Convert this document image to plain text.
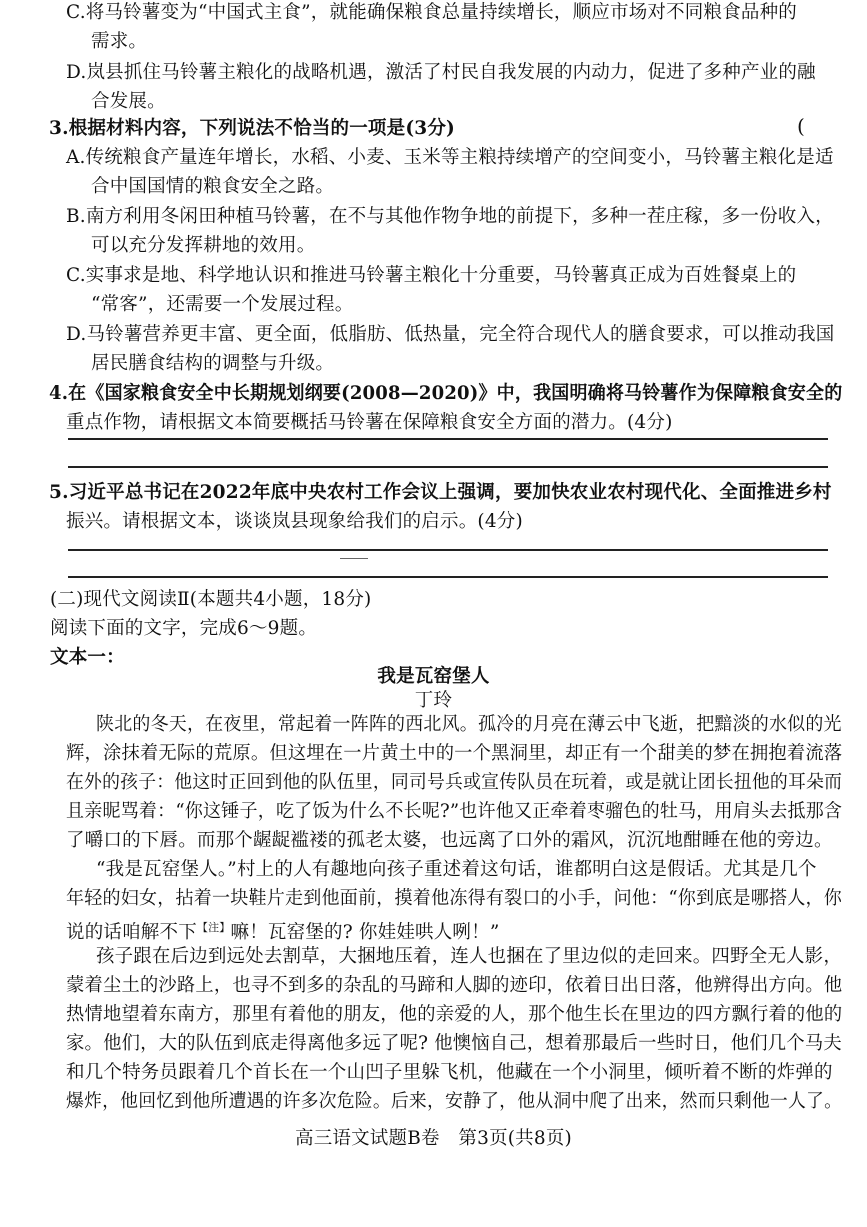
C.将马铃薯变为“中国式主食”，就能确保粮食总量持续增长，顺应市场对不同粮食品种的
需求。
D.岚县抓住马铃薯主粮化的战略机遇，激活了村民自我发展的内动力，促进了多种产业的融
合发展。
3.根据材料内容，下列说法不恰当的一项是(3分)	(
A.传统粮食产量连年增长，水稻、小麦、玉米等主粮持续增产的空间变小，马铃薯主粮化是适
合中国国情的粮食安全之路。
B.南方利用冬闲田种植马铃薯，在不与其他作物争地的前提下，多种一茬庄稼，多一份收入，
可以充分发挥耕地的效用。
C.实事求是地、科学地认识和推进马铃薯主粮化十分重要，马铃薯真正成为百姓餐桌上的
“常客”，还需要一个发展过程。
D.马铃薯营养更丰富、更全面，低脂肪、低热量，完全符合现代人的膳食要求，可以推动我国
居民膳食结构的调整与升级。
4.在《国家粮食安全中长期规划纲要(2008—2020)》中，我国明确将马铃薯作为保障粮食安全的
重点作物，请根据文本简要概括马铃薯在保障粮食安全方面的潜力。(4分)
5.习近平总书记在2022年底中央农村工作会议上强调，要加快农业农村现代化、全面推进乡村
振兴。请根据文本，谈谈岚县现象给我们的启示。(4分)
(二)现代文阅读Ⅱ(本题共4小题，18分)
阅读下面的文字，完成6～9题。
文本一：
我是瓦窑堡人
丁玲
陕北的冬天，在夜里，常起着一阵阵的西北风。孤冷的月亮在薄云中飞逝，把黯淡的水似的光
辉，涂抹着无际的荒原。但这埋在一片黄土中的一个黑洞里，却正有一个甜美的梦在拥抱着流落
在外的孩子：他这时正回到他的队伍里，同司号兵或宣传队员在玩着，或是就让团长扭他的耳朵而
且亲昵骂着：“你这锤子，吃了饭为什么不长呢?”也许他又正牵着枣骝色的牡马，用肩头去抵那含
了嚼口的下唇。而那个龌龊褴褛的孤老太婆，也远离了口外的霜风，沉沉地酣睡在他的旁边。
“我是瓦窑堡人。”村上的人有趣地向孩子重述着这句话，谁都明白这是假话。尤其是几个
年轻的妇女，拈着一块鞋片走到他面前，摸着他冻得有裂口的小手，问他：“你到底是哪搭人，你
说的话咱解不下$^{【注】}$嘛！瓦窑堡的? 你娃娃哄人咧！”
孩子跟在后边到远处去割草，大捆地压着，连人也捆在了里边似的走回来。四野全无人影，
蒙着尘土的沙路上，也寻不到多的杂乱的马蹄和人脚的迹印，依着日出日落，他辨得出方向。他
热情地望着东南方，那里有着他的朋友，他的亲爱的人，那个他生长在里边的四方飘行着的他的
家。他们，大的队伍到底走得离他多远了呢? 他懊恼自己，想着那最后一些时日，他们几个马夫
和几个特务员跟着几个首长在一个山凹子里躲飞机，他藏在一个小洞里，倾听着不断的炸弹的
爆炸，他回忆到他所遭遇的许多次危险。后来，安静了，他从洞中爬了出来，然而只剩他一人了。
高三语文试题B卷　第3页(共8页)
